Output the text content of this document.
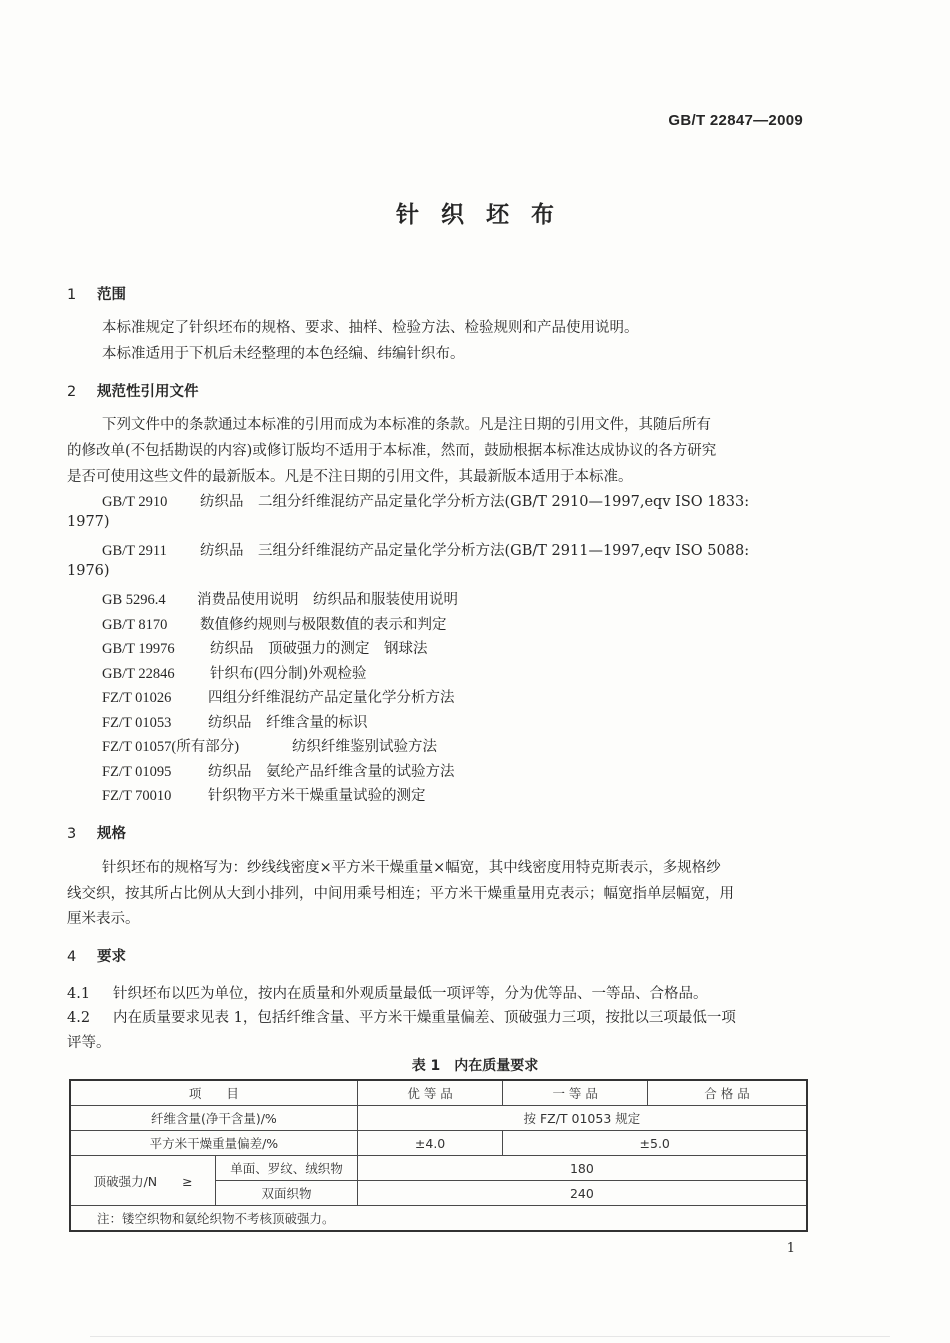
GB/T 22847—2009
针织坯布
1 范围
本标准规定了针织坯布的规格、要求、抽样、检验方法、检验规则和产品使用说明。
本标准适用于下机后未经整理的本色经编、纬编针织布。
2 规范性引用文件
下列文件中的条款通过本标准的引用而成为本标准的条款。凡是注日期的引用文件，其随后所有
的修改单(不包括勘误的内容)或修订版均不适用于本标准，然而，鼓励根据本标准达成协议的各方研究
是否可使用这些文件的最新版本。凡是不注日期的引用文件，其最新版本适用于本标准。
GB/T 2910 纺织品　二组分纤维混纺产品定量化学分析方法(GB/T 2910—1997,eqv ISO 1833:
1977)
GB/T 2911 纺织品　三组分纤维混纺产品定量化学分析方法(GB/T 2911—1997,eqv ISO 5088:
1976)
GB 5296.4 消费品使用说明　纺织品和服装使用说明
GB/T 8170 数值修约规则与极限数值的表示和判定
GB/T 19976 纺织品　顶破强力的测定　钢球法
GB/T 22846 针织布(四分制)外观检验
FZ/T 01026	四组分纤维混纺产品定量化学分析方法
FZ/T 01053	纺织品　纤维含量的标识
FZ/T 01057(所有部分)	纺织纤维鉴别试验方法
FZ/T 01095	纺织品　氨纶产品纤维含量的试验方法
FZ/T 70010	针织物平方米干燥重量试验的测定
3 规格
针织坯布的规格写为：纱线线密度×平方米干燥重量×幅宽，其中线密度用特克斯表示，多规格纱
线交织，按其所占比例从大到小排列，中间用乘号相连；平方米干燥重量用克表示；幅宽指单层幅宽，用
厘米表示。
4 要求
4.1 针织坯布以匹为单位，按内在质量和外观质量最低一项评等，分为优等品、一等品、合格品。
4.2 内在质量要求见表 1，包括纤维含量、平方米干燥重量偏差、顶破强力三项，按批以三项最低一项
评等。
表 1　内在质量要求
项　　目		优 等 品	一 等 品	合 格 品
纤维含量(净干含量)/%		按 FZ/T 01053 规定		
平方米干燥重量偏差/%		±4.0	±5.0	
顶破强力/N　　≥	单面、罗纹、绒织物	180		
	双面织物	240		
注：镂空织物和氨纶织物不考核顶破强力。				
1
